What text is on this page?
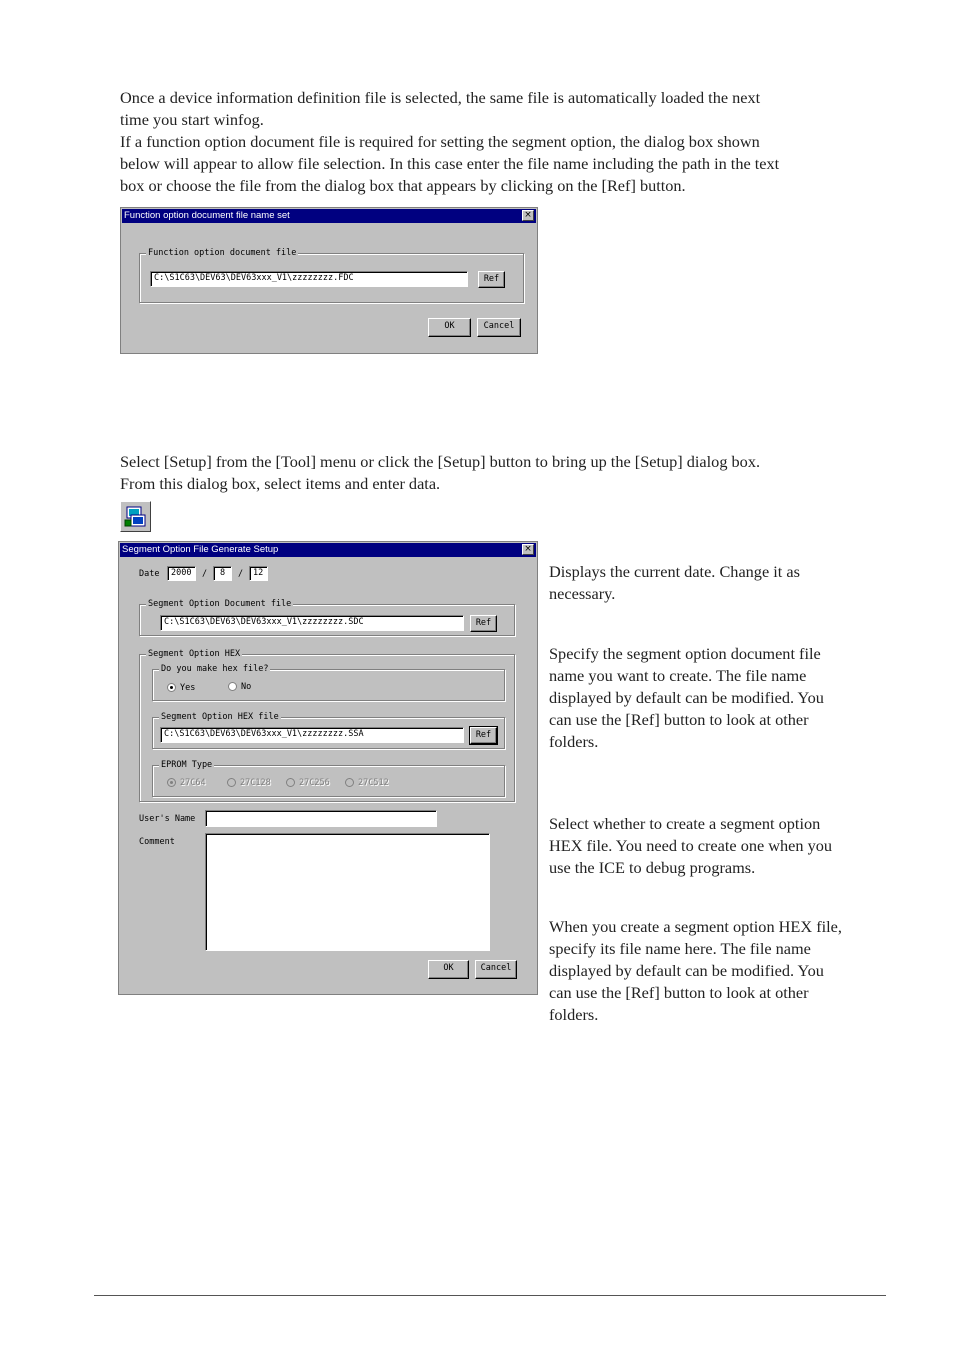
Once a device information definition file is selected, the same file is automatically loaded the next
time you start winfog.
If a function option document file is required for setting the segment option, the dialog box shown
below will appear to allow file selection. In this case enter the file name including the path in the text
box or choose the file from the dialog box that appears by clicking on the [Ref] button.

Function option document file name set	×
Function option document file
C:\S1C63\DEV63\DEV63xxx_V1\zzzzzzzz.FDC	Ref
OK	Cancel

Select [Setup] from the [Tool] menu or click the [Setup] button to bring up the [Setup] dialog box.
From this dialog box, select items and enter data.

Segment Option File Generate Setup	×
Date	2000	/	8	/	12
Segment Option Document file
C:\S1C63\DEV63\DEV63xxx_V1\zzzzzzzz.SDC	Ref
Segment Option HEX
Do you make hex file?
Yes	No
Segment Option HEX file
C:\S1C63\DEV63\DEV63xxx_V1\zzzzzzzz.SSA	Ref
EPROM Type
27C64	27C128	27C256	27C512
User's Name
Comment
OK	Cancel

Displays the current date. Change it as
necessary.

Specify the segment option document file
name you want to create. The file name
displayed by default can be modified. You
can use the [Ref] button to look at other
folders.

Select whether to create a segment option
HEX file. You need to create one when you
use the ICE to debug programs.

When you create a segment option HEX file,
specify its file name here. The file name
displayed by default can be modified. You
can use the [Ref] button to look at other
folders.
